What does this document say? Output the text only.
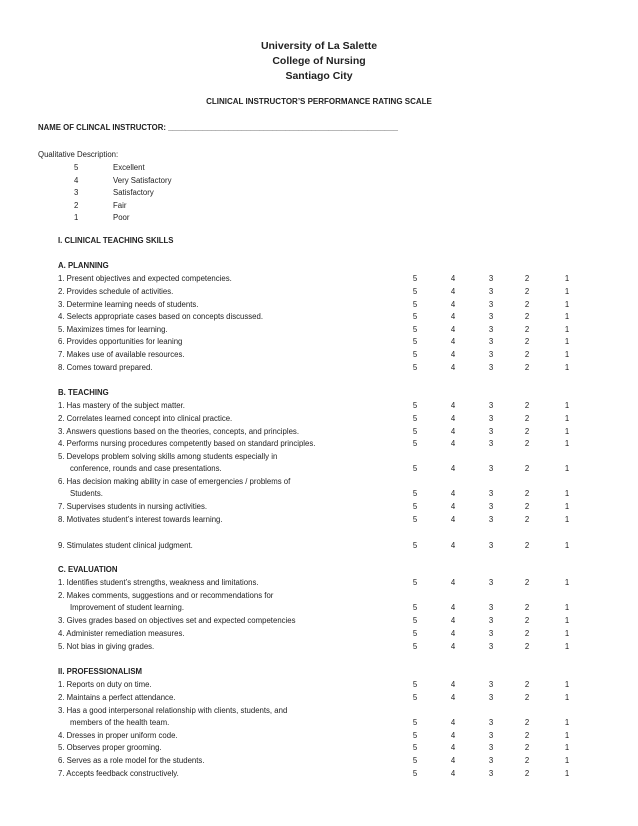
University of La Salette
College of Nursing
Santiago City
CLINICAL INSTRUCTOR’S PERFORMANCE RATING SCALE
NAME OF CLINCAL INSTRUCTOR: _____________________________________________________
Qualitative Description:
5	Excellent
4	Very Satisfactory
3	Satisfactory
2	Fair
1	Poor
I. CLINICAL TEACHING SKILLS
A. PLANNING
1. Present objectives and expected competencies.	5	4	3	2	1
2. Provides schedule of activities.	5	4	3	2	1
3. Determine learning needs of students.	5	4	3	2	1
4. Selects appropriate cases based on concepts discussed.	5	4	3	2	1
5. Maximizes times for learning.	5	4	3	2	1
6. Provides opportunities for leaning	5	4	3	2	1
7. Makes use of available resources.	5	4	3	2	1
8. Comes toward prepared.	5	4	3	2	1
B. TEACHING
1. Has mastery of the subject matter.	5	4	3	2	1
2. Correlates learned concept into clinical practice.	5	4	3	2	1
3. Answers questions based on the theories, concepts, and principles.	5	4	3	2	1
4. Performs nursing procedures competently based on standard principles.	5	4	3	2	1
5. Develops problem solving skills among students especially in
conference, rounds and case presentations.	5	4	3	2	1
6. Has decision making ability in case of emergencies / problems of
Students.	5	4	3	2	1
7. Supervises students in nursing activities.	5	4	3	2	1
8. Motivates student’s interest towards learning.	5	4	3	2	1
9. Stimulates student clinical judgment.	5	4	3	2	1
C. EVALUATION
1. Identifies student’s strengths, weakness and limitations.	5	4	3	2	1
2. Makes comments, suggestions and or recommendations for
Improvement of student learning.	5	4	3	2	1
3. Gives grades based on objectives set and expected competencies	5	4	3	2	1
4. Administer remediation measures.	5	4	3	2	1
5. Not bias in giving grades.	5	4	3	2	1
II. PROFESSIONALISM
1. Reports on duty on time.	5	4	3	2	1
2. Maintains a perfect attendance.	5	4	3	2	1
3. Has a good interpersonal relationship with clients, students, and
members of the health team.	5	4	3	2	1
4. Dresses in proper uniform code.	5	4	3	2	1
5. Observes proper grooming.	5	4	3	2	1
6. Serves as a role model for the students.	5	4	3	2	1
7. Accepts feedback constructively.	5	4	3	2	1
